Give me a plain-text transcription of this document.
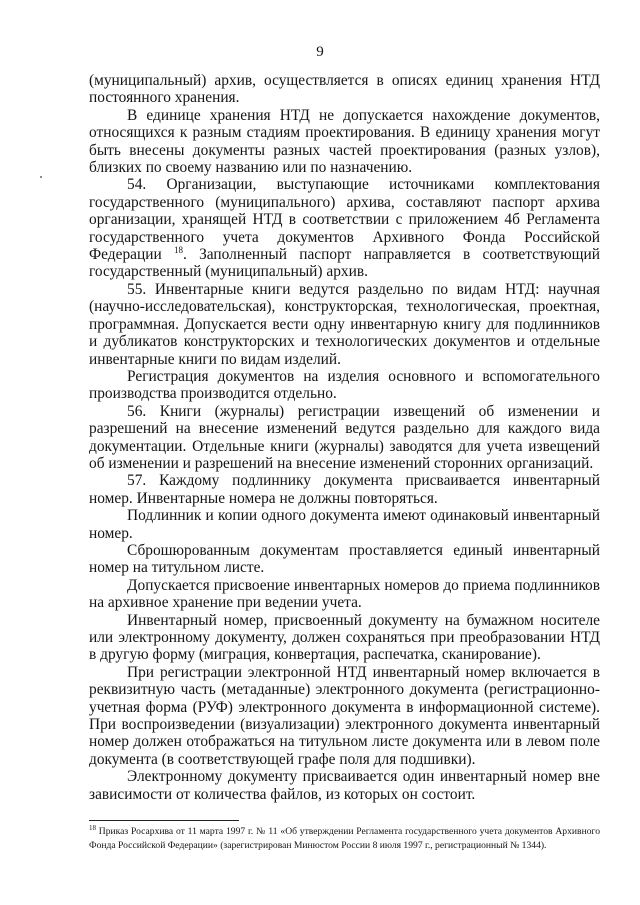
9

(муниципальный) архив, осуществляется в описях единиц хранения НТД постоянного хранения.

В единице хранения НТД не допускается нахождение документов, относящихся к разным стадиям проектирования. В единицу хранения могут быть внесены документы разных частей проектирования (разных узлов), близких по своему названию или по назначению.

54. Организации, выступающие источниками комплектования государственного (муниципального) архива, составляют паспорт архива организации, хранящей НТД в соответствии с приложением 4б Регламента государственного учета документов Архивного Фонда Российской Федерации $^{18}$. Заполненный паспорт направляется в соответствующий государственный (муниципальный) архив.

55. Инвентарные книги ведутся раздельно по видам НТД: научная (научно-исследовательская), конструкторская, технологическая, проектная, программная. Допускается вести одну инвентарную книгу для подлинников и дубликатов конструкторских и технологических документов и отдельные инвентарные книги по видам изделий.

Регистрация документов на изделия основного и вспомогательного производства производится отдельно.

56. Книги (журналы) регистрации извещений об изменении и разрешений на внесение изменений ведутся раздельно для каждого вида документации. Отдельные книги (журналы) заводятся для учета извещений об изменении и разрешений на внесение изменений сторонних организаций.

57. Каждому подлиннику документа присваивается инвентарный номер. Инвентарные номера не должны повторяться.

Подлинник и копии одного документа имеют одинаковый инвентарный номер.

Сброшюрованным документам проставляется единый инвентарный номер на титульном листе.

Допускается присвоение инвентарных номеров до приема подлинников на архивное хранение при ведении учета.

Инвентарный номер, присвоенный документу на бумажном носителе или электронному документу, должен сохраняться при преобразовании НТД в другую форму (миграция, конвертация, распечатка, сканирование).

При регистрации электронной НТД инвентарный номер включается в реквизитную часть (метаданные) электронного документа (регистрационно-учетная форма (РУФ) электронного документа в информационной системе). При воспроизведении (визуализации) электронного документа инвентарный номер должен отображаться на титульном листе документа или в левом поле документа (в соответствующей графе поля для подшивки).

Электронному документу присваивается один инвентарный номер вне зависимости от количества файлов, из которых он состоит.

$^{18}$ Приказ Росархива от 11 марта 1997 г. № 11 «Об утверждении Регламента государственного учета документов Архивного Фонда Российской Федерации» (зарегистрирован Минюстом России 8 июля 1997 г., регистрационный № 1344).
